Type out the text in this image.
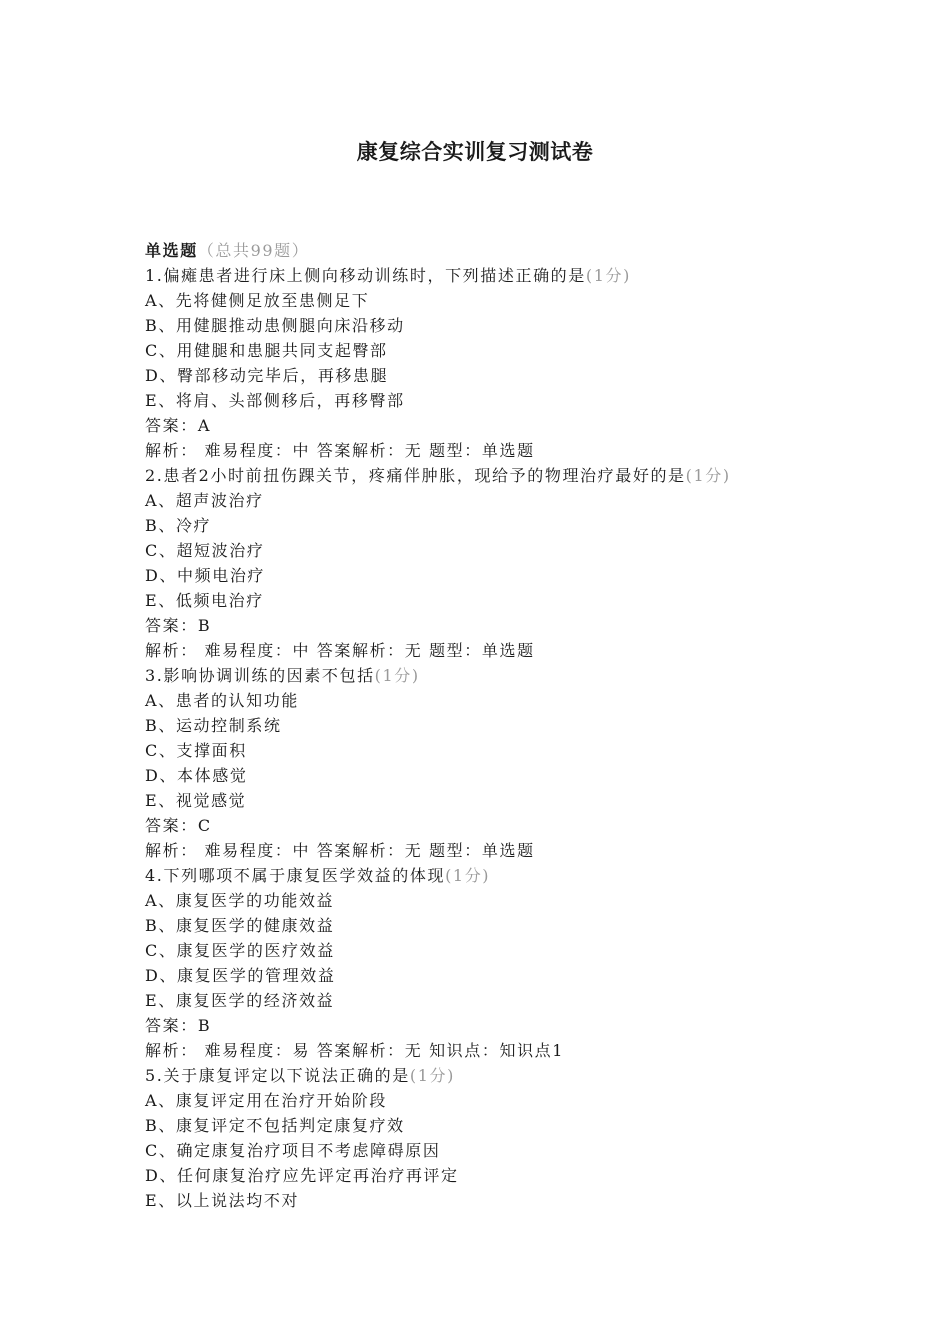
康复综合实训复习测试卷
单选题（总共99题）
1.偏瘫患者进行床上侧向移动训练时，下列描述正确的是(1分)
A、先将健侧足放至患侧足下
B、用健腿推动患侧腿向床沿移动
C、用健腿和患腿共同支起臀部
D、臀部移动完毕后，再移患腿
E、将肩、头部侧移后，再移臀部
答案：A
解析： 难易程度：中 答案解析：无 题型：单选题
2.患者2小时前扭伤踝关节，疼痛伴肿胀，现给予的物理治疗最好的是(1分)
A、超声波治疗
B、冷疗
C、超短波治疗
D、中频电治疗
E、低频电治疗
答案：B
解析： 难易程度：中 答案解析：无 题型：单选题
3.影响协调训练的因素不包括(1分)
A、患者的认知功能
B、运动控制系统
C、支撑面积
D、本体感觉
E、视觉感觉
答案：C
解析： 难易程度：中 答案解析：无 题型：单选题
4.下列哪项不属于康复医学效益的体现(1分)
A、康复医学的功能效益
B、康复医学的健康效益
C、康复医学的医疗效益
D、康复医学的管理效益
E、康复医学的经济效益
答案：B
解析： 难易程度：易 答案解析：无 知识点：知识点1
5.关于康复评定以下说法正确的是(1分)
A、康复评定用在治疗开始阶段
B、康复评定不包括判定康复疗效
C、确定康复治疗项目不考虑障碍原因
D、任何康复治疗应先评定再治疗再评定
E、以上说法均不对
